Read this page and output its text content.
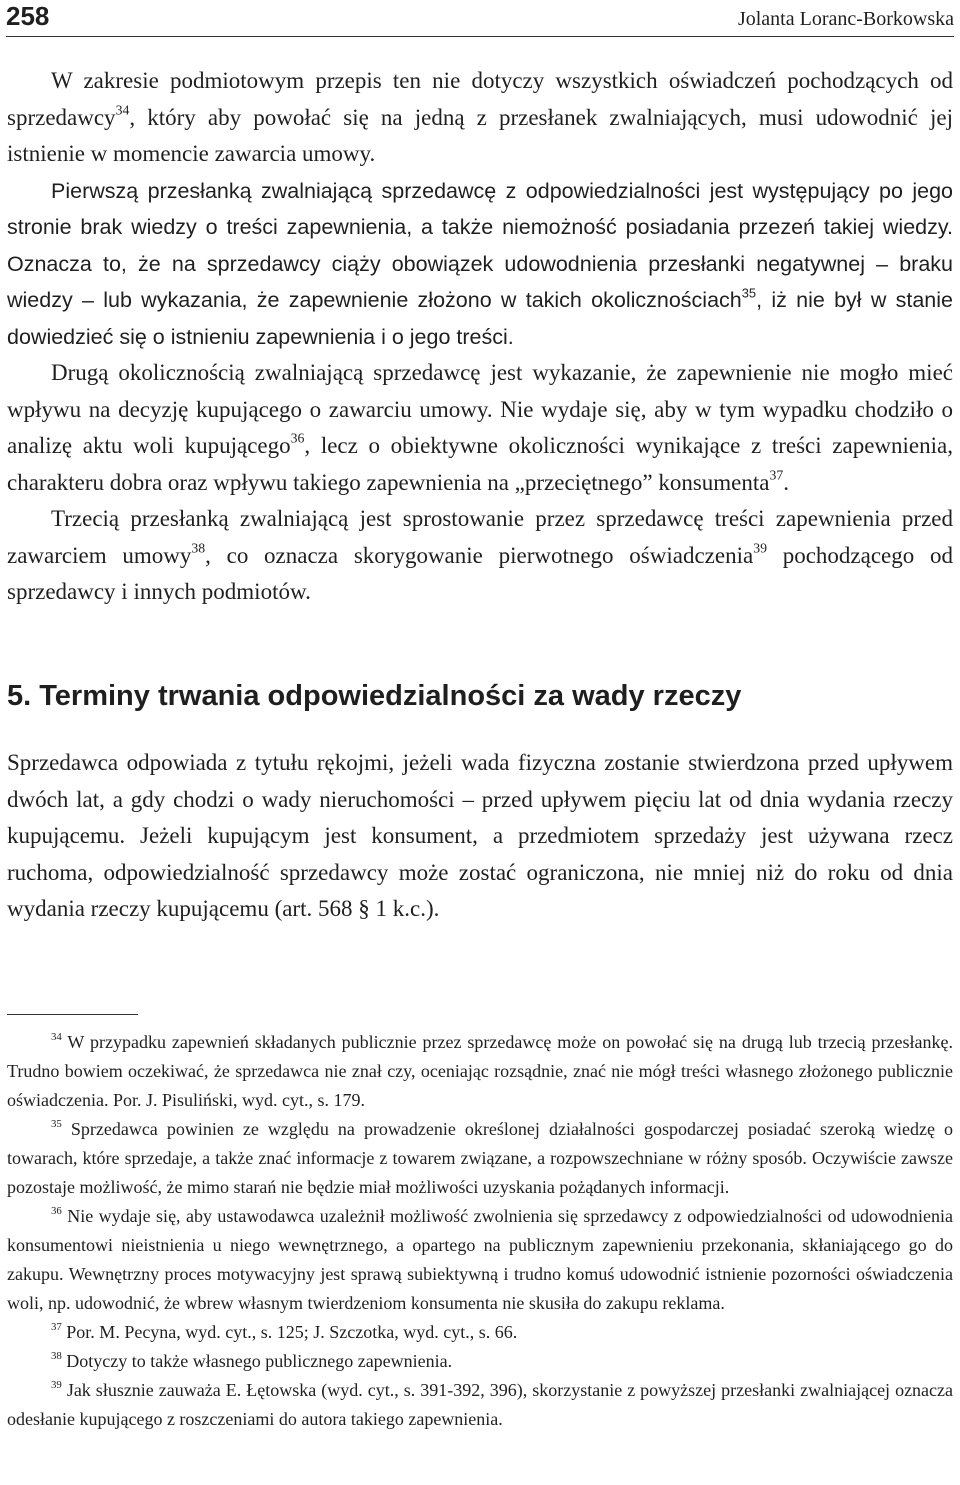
258	Jolanta Loranc-Borkowska

W zakresie podmiotowym przepis ten nie dotyczy wszystkich oświadczeń pochodzących od sprzedawcy$^{34}$, który aby powołać się na jedną z przesłanek zwalniających, musi udowodnić jej istnienie w momencie zawarcia umowy.

Pierwszą przesłanką zwalniającą sprzedawcę z odpowiedzialności jest występujący po jego stronie brak wiedzy o treści zapewnienia, a także niemożność posiadania przezeń takiej wiedzy. Oznacza to, że na sprzedawcy ciąży obowiązek udowodnienia przesłanki negatywnej – braku wiedzy – lub wykazania, że zapewnienie złożono w takich okolicznościach$^{35}$, iż nie był w stanie dowiedzieć się o istnieniu zapewnienia i o jego treści.

Drugą okolicznością zwalniającą sprzedawcę jest wykazanie, że zapewnienie nie mogło mieć wpływu na decyzję kupującego o zawarciu umowy. Nie wydaje się, aby w tym wypadku chodziło o analizę aktu woli kupującego$^{36}$, lecz o obiektywne okoliczności wynikające z treści zapewnienia, charakteru dobra oraz wpływu takiego zapewnienia na „przeciętnego” konsumenta$^{37}$.

Trzecią przesłanką zwalniającą jest sprostowanie przez sprzedawcę treści zapewnienia przed zawarciem umowy$^{38}$, co oznacza skorygowanie pierwotnego oświadczenia$^{39}$ pochodzącego od sprzedawcy i innych podmiotów.

5. Terminy trwania odpowiedzialności za wady rzeczy

Sprzedawca odpowiada z tytułu rękojmi, jeżeli wada fizyczna zostanie stwierdzona przed upływem dwóch lat, a gdy chodzi o wady nieruchomości – przed upływem pięciu lat od dnia wydania rzeczy kupującemu. Jeżeli kupującym jest konsument, a przedmiotem sprzedaży jest używana rzecz ruchoma, odpowiedzialność sprzedawcy może zostać ograniczona, nie mniej niż do roku od dnia wydania rzeczy kupującemu (art. 568 § 1 k.c.).

$^{34}$ W przypadku zapewnień składanych publicznie przez sprzedawcę może on powołać się na drugą lub trzecią przesłankę. Trudno bowiem oczekiwać, że sprzedawca nie znał czy, oceniając rozsądnie, znać nie mógł treści własnego złożonego publicznie oświadczenia. Por. J. Pisuliński, wyd. cyt., s. 179.

$^{35}$ Sprzedawca powinien ze względu na prowadzenie określonej działalności gospodarczej posiadać szeroką wiedzę o towarach, które sprzedaje, a także znać informacje z towarem związane, a rozpowszechniane w różny sposób. Oczywiście zawsze pozostaje możliwość, że mimo starań nie będzie miał możliwości uzyskania pożądanych informacji.

$^{36}$ Nie wydaje się, aby ustawodawca uzależnił możliwość zwolnienia się sprzedawcy z odpowiedzialności od udowodnienia konsumentowi nieistnienia u niego wewnętrznego, a opartego na publicznym zapewnieniu przekonania, skłaniającego go do zakupu. Wewnętrzny proces motywacyjny jest sprawą subiektywną i trudno komuś udowodnić istnienie pozorności oświadczenia woli, np. udowodnić, że wbrew własnym twierdzeniom konsumenta nie skusiła do zakupu reklama.

$^{37}$ Por. M. Pecyna, wyd. cyt., s. 125; J. Szczotka, wyd. cyt., s. 66.

$^{38}$ Dotyczy to także własnego publicznego zapewnienia.

$^{39}$ Jak słusznie zauważa E. Łętowska (wyd. cyt., s. 391-392, 396), skorzystanie z powyższej przesłanki zwalniającej oznacza odesłanie kupującego z roszczeniami do autora takiego zapewnienia.
